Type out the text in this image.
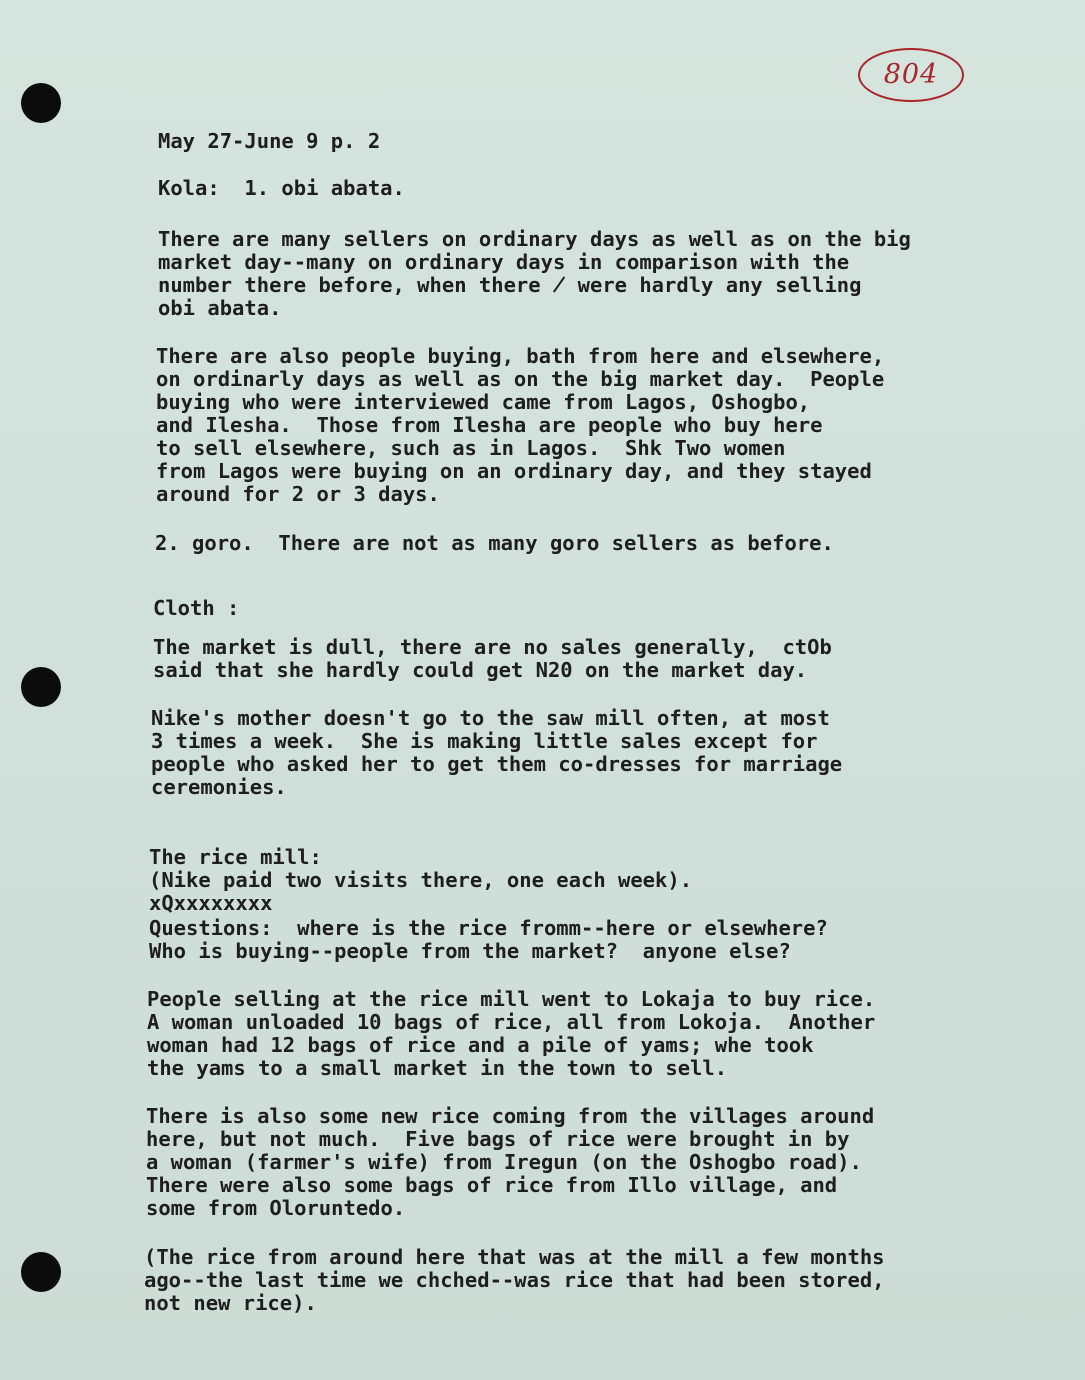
804
May 27-June 9 p. 2
Kola:  1. obi abata.
There are many sellers on ordinary days as well as on the big
market day--many on ordinary days in comparison with the
number there before, when there ̸ were hardly any selling
obi abata.
There are also people buying, bath from here and elsewhere,
on ordinarly days as well as on the big market day.  People
buying who were interviewed came from Lagos, Oshogbo,
and Ilesha.  Those from Ilesha are people who buy here
to sell elsewhere, such as in Lagos.  Shk Two women
from Lagos were buying on an ordinary day, and they stayed
around for 2 or 3 days.
2. goro.  There are not as many goro sellers as before.
Cloth :
The market is dull, there are no sales generally,  ctOb
said that she hardly could get N20 on the market day.
Nike's mother doesn't go to the saw mill often, at most
3 times a week.  She is making little sales except for
people who asked her to get them co-dresses for marriage
ceremonies.
The rice mill:
(Nike paid two visits there, one each week).
xQxxxxxxxx
Questions:  where is the rice fromm--here or elsewhere?
Who is buying--people from the market?  anyone else?
People selling at the rice mill went to Lokaja to buy rice.
A woman unloaded 10 bags of rice, all from Lokoja.  Another
woman had 12 bags of rice and a pile of yams; whe took
the yams to a small market in the town to sell.
There is also some new rice coming from the villages around
here, but not much.  Five bags of rice were brought in by
a woman (farmer's wife) from Iregun (on the Oshogbo road).
There were also some bags of rice from Illo village, and
some from Oloruntedo.
(The rice from around here that was at the mill a few months
ago--the last time we chched--was rice that had been stored,
not new rice).
